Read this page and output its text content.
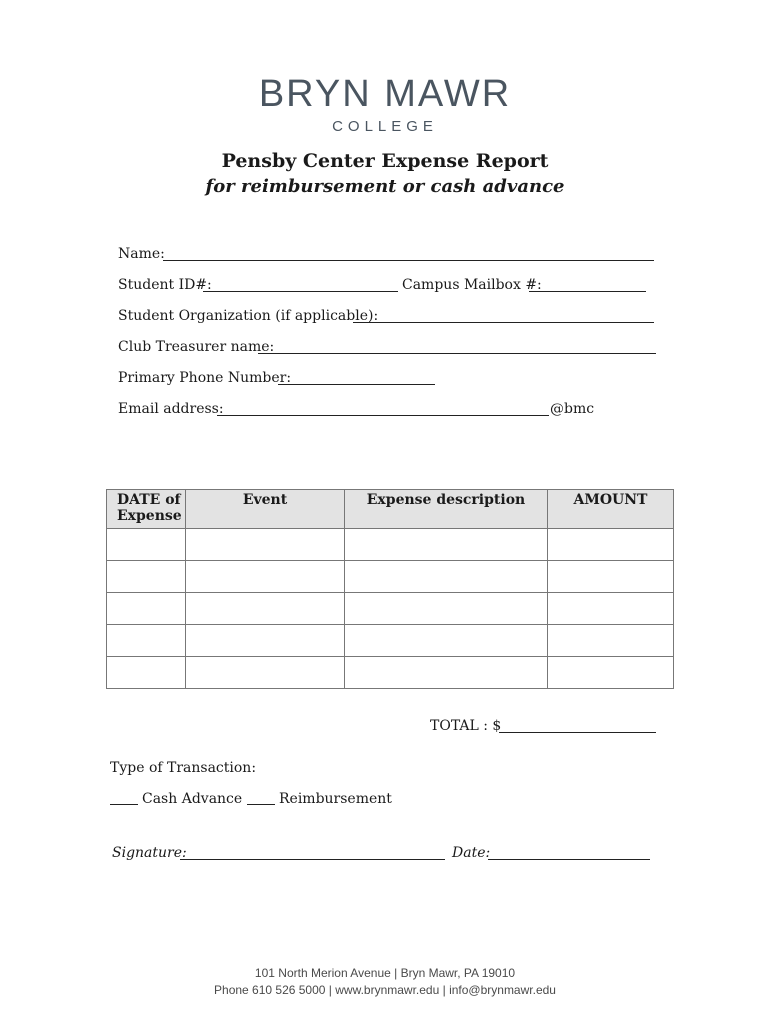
BRYN MAWR
COLLEGE
Pensby Center Expense Report
for reimbursement or cash advance
Name:
Student ID#:	Campus Mailbox #:
Student Organization (if applicable):
Club Treasurer name:
Primary Phone Number:
Email address:	@bmc
DATE of Expense	Event	Expense description	AMOUNT

TOTAL : $
Type of Transaction:
Cash Advance	Reimbursement
Signature:	Date:
101 North Merion Avenue | Bryn Mawr, PA 19010
Phone 610 526 5000 | www.brynmawr.edu | info@brynmawr.edu
